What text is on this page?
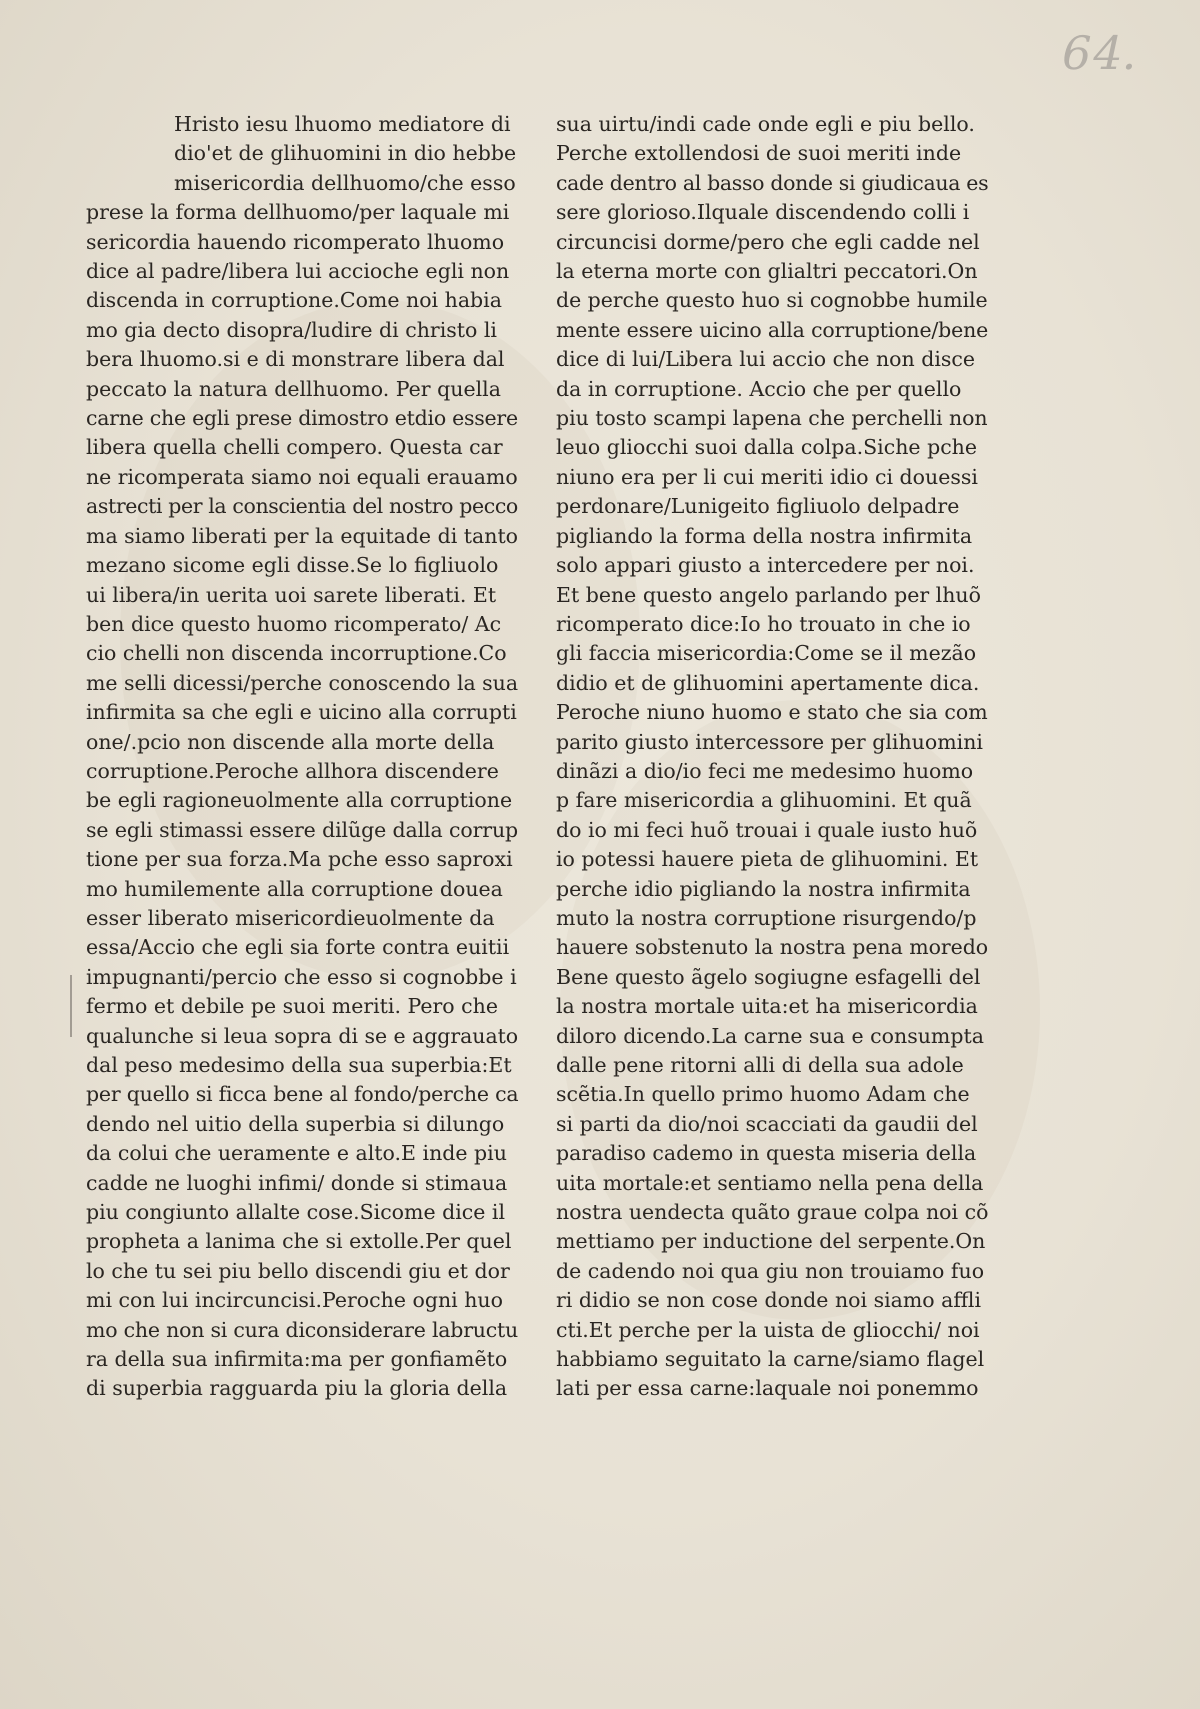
64.
Hristo iesu lhuomo mediatore di
dio'et de glihuomini in dio hebbe
misericordia dellhuomo/che esso
prese la forma dellhuomo/per laquale mi
sericordia hauendo ricomperato lhuomo
dice al padre/libera lui accioche egli non
discenda in corruptione.Come noi habia
mo gia decto disopra/ludire di christo li
bera lhuomo.si e di monstrare libera dal
peccato la natura dellhuomo. Per quella
carne che egli prese dimostro etdio essere
libera quella chelli compero. Questa car
ne ricomperata siamo noi equali erauamo
astrecti per la conscientia del nostro pecco
ma siamo liberati per la equitade di tanto
mezano sicome egli disse.Se lo figliuolo
ui libera/in uerita uoi sarete liberati. Et
ben dice questo huomo ricomperato/ Ac
cio chelli non discenda incorruptione.Co
me selli dicessi/perche conoscendo la sua
infirmita sa che egli e uicino alla corrupti
one/.pcio non discende alla morte della
corruptione.Peroche allhora discendere
be egli ragioneuolmente alla corruptione
se egli stimassi essere dilũge dalla corrup
tione per sua forza.Ma pche esso saproxi
mo humilemente alla corruptione douea
esser liberato misericordieuolmente da
essa/Accio che egli sia forte contra euitii
impugnanti/percio che esso si cognobbe i
fermo et debile pe suoi meriti. Pero che
qualunche si leua sopra di se e aggrauato
dal peso medesimo della sua superbia:Et
per quello si ficca bene al fondo/perche ca
dendo nel uitio della superbia si dilungo
da colui che ueramente e alto.E inde piu
cadde ne luoghi infimi/ donde si stimaua
piu congiunto allalte cose.Sicome dice il
propheta a lanima che si extolle.Per quel
lo che tu sei piu bello discendi giu et dor
mi con lui incircuncisi.Peroche ogni huo
mo che non si cura diconsiderare labructu
ra della sua infirmita:ma per gonfiamẽto
di superbia ragguarda piu la gloria della
sua uirtu/indi cade onde egli e piu bello.
Perche extollendosi de suoi meriti inde
cade dentro al basso donde si giudicaua es
sere glorioso.Ilquale discendendo colli i
circuncisi dorme/pero che egli cadde nel
la eterna morte con glialtri peccatori.On
de perche questo huo si cognobbe humile
mente essere uicino alla corruptione/bene
dice di lui/Libera lui accio che non disce
da in corruptione. Accio che per quello
piu tosto scampi lapena che perchelli non
leuo gliocchi suoi dalla colpa.Siche pche
niuno era per li cui meriti idio ci douessi
perdonare/Lunigeito figliuolo delpadre
pigliando la forma della nostra infirmita
solo appari giusto a intercedere per noi.
Et bene questo angelo parlando per lhuõ
ricomperato dice:Io ho trouato in che io
gli faccia misericordia:Come se il mezão
didio et de glihuomini apertamente dica.
Peroche niuno huomo e stato che sia com
parito giusto intercessore per glihuomini
dinãzi a dio/io feci me medesimo huomo
p fare misericordia a glihuomini. Et quã
do io mi feci huõ trouai i quale iusto huõ
io potessi hauere pieta de glihuomini. Et
perche idio pigliando la nostra infirmita
muto la nostra corruptione risurgendo/p
hauere sobstenuto la nostra pena moredo
Bene questo ãgelo sogiugne esfagelli del
la nostra mortale uita:et ha misericordia
diloro dicendo.La carne sua e consumpta
dalle pene ritorni alli di della sua adole
scẽtia.In quello primo huomo Adam che
si parti da dio/noi scacciati da gaudii del
paradiso cademo in questa miseria della
uita mortale:et sentiamo nella pena della
nostra uendecta quãto graue colpa noi cõ
mettiamo per inductione del serpente.On
de cadendo noi qua giu non trouiamo fuo
ri didio se non cose donde noi siamo affli
cti.Et perche per la uista de gliocchi/ noi
habbiamo seguitato la carne/siamo flagel
lati per essa carne:laquale noi ponemmo
